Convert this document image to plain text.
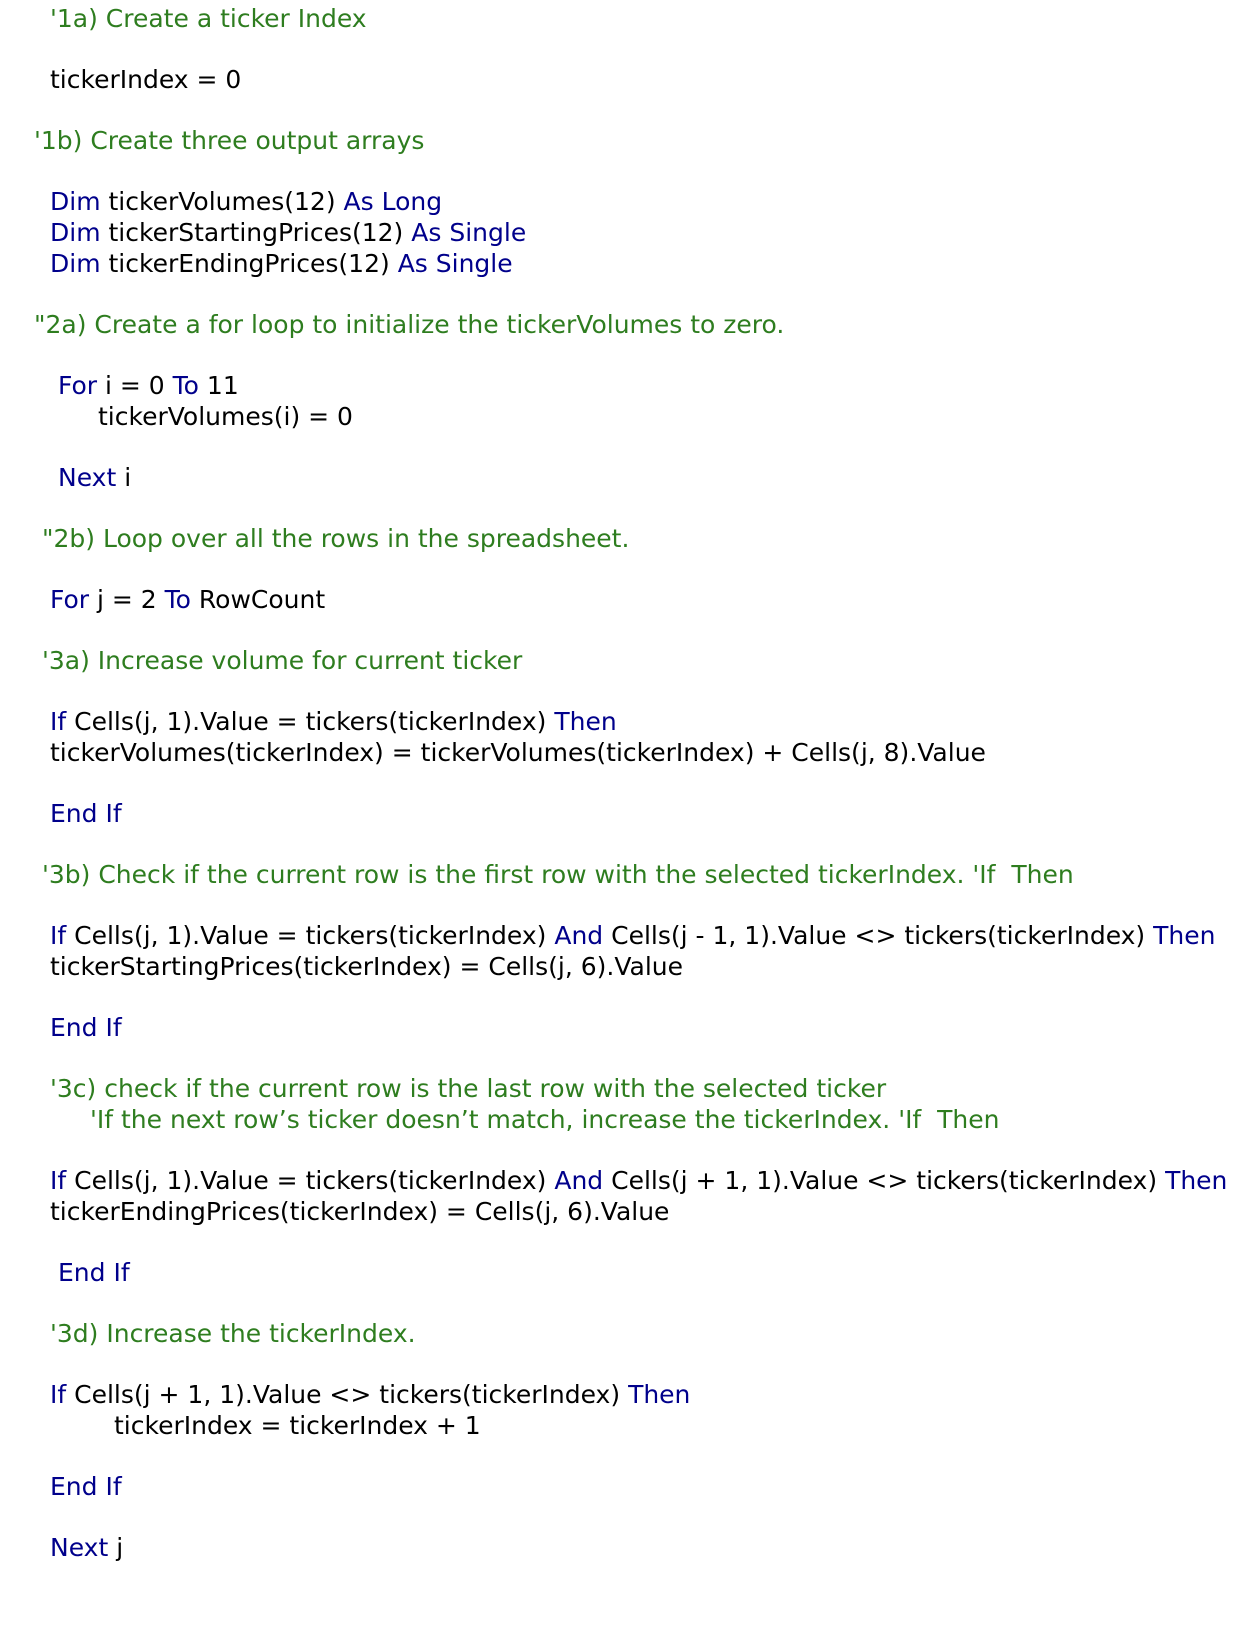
'1a) Create a ticker Index
tickerIndex = 0
'1b) Create three output arrays
Dim tickerVolumes(12) As Long
Dim tickerStartingPrices(12) As Single
Dim tickerEndingPrices(12) As Single
"2a) Create a for loop to initialize the tickerVolumes to zero.
For i = 0 To 11
tickerVolumes(i) = 0
Next i
"2b) Loop over all the rows in the spreadsheet.
For j = 2 To RowCount
'3a) Increase volume for current ticker
If Cells(j, 1).Value = tickers(tickerIndex) Then
tickerVolumes(tickerIndex) = tickerVolumes(tickerIndex) + Cells(j, 8).Value
End If
'3b) Check if the current row is the first row with the selected tickerIndex. 'If  Then
If Cells(j, 1).Value = tickers(tickerIndex) And Cells(j - 1, 1).Value <> tickers(tickerIndex) Then
tickerStartingPrices(tickerIndex) = Cells(j, 6).Value
End If
'3c) check if the current row is the last row with the selected ticker
'If the next row’s ticker doesn’t match, increase the tickerIndex. 'If  Then
If Cells(j, 1).Value = tickers(tickerIndex) And Cells(j + 1, 1).Value <> tickers(tickerIndex) Then
tickerEndingPrices(tickerIndex) = Cells(j, 6).Value
End If
'3d) Increase the tickerIndex.
If Cells(j + 1, 1).Value <> tickers(tickerIndex) Then
tickerIndex = tickerIndex + 1
End If
Next j
